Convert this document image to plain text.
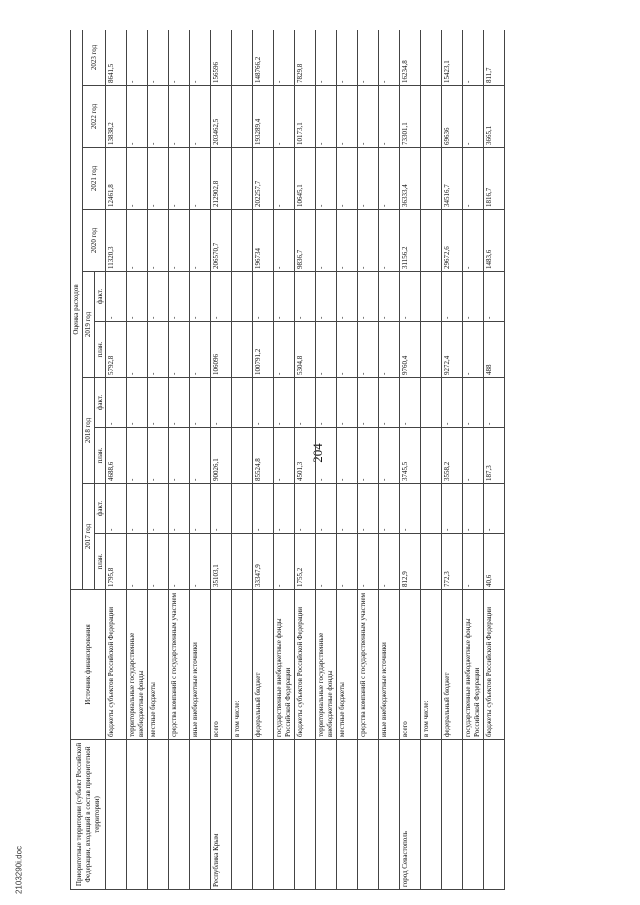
204
2103290i.doc	Приоритетные территории (субъект Российской Федерации, входящий в состав приоритетной территории)	Источник финансирования	Оценка расходов									
		2017 год		2018 год		2019 год		2020 год	2021 год	2022 год	2023 год
		план.	факт.	план.	факт.	план.	факт.				
	бюджеты субъектов Российской Федерации	1795,8	-	4688,6	-	5792,8	-	11320,3	12461,8	13838,2	8641,5
	территориальные государственные внебюджетные фонды	-	-	-	-	-	-	-	-	-	-
	местные бюджеты	-	-	-	-	-	-	-	-	-	-
	средства компаний с государственным участием	-	-	-	-	-	-	-	-	-	-
	иные внебюджетные источники	-	-	-	-	-	-	-	-	-	-
Республика Крым	всего	35103,1	-	90026,1	-	106096	-	206570,7	212902,8	203462,5	156596
	в том числе:										
	федеральный бюджет	33347,9	-	85524,8	-	100791,2	-	196734	202257,7	193289,4	148766,2
	государственные внебюджетные фонды Российской Федерации	-	-	-	-	-	-	-	-	-	-
	бюджеты субъектов Российской Федерации	1755,2	-	4501,3	-	5304,8	-	9836,7	10645,1	10173,1	7829,8
	территориальные государственные внебюджетные фонды	-	-	-	-	-	-	-	-	-	-
	местные бюджеты	-	-	-	-	-	-	-	-	-	-
	средства компаний с государственным участием	-	-	-	-	-	-	-	-	-	-
	иные внебюджетные источники	-	-	-	-	-	-	-	-	-	-
город Севастополь	всего	812,9	-	3745,5	-	9760,4	-	31156,2	36333,4	73301,1	16234,8
	в том числе:										
	федеральный бюджет	772,3	-	3558,2	-	9272,4	-	29672,6	34516,7	69636	15423,1
	государственные внебюджетные фонды Российской Федерации	-	-	-	-	-	-	-	-	-	-
	бюджеты субъектов Российской Федерации	40,6	-	187,3	-	488	-	1483,6	1816,7	3665,1	811,7
